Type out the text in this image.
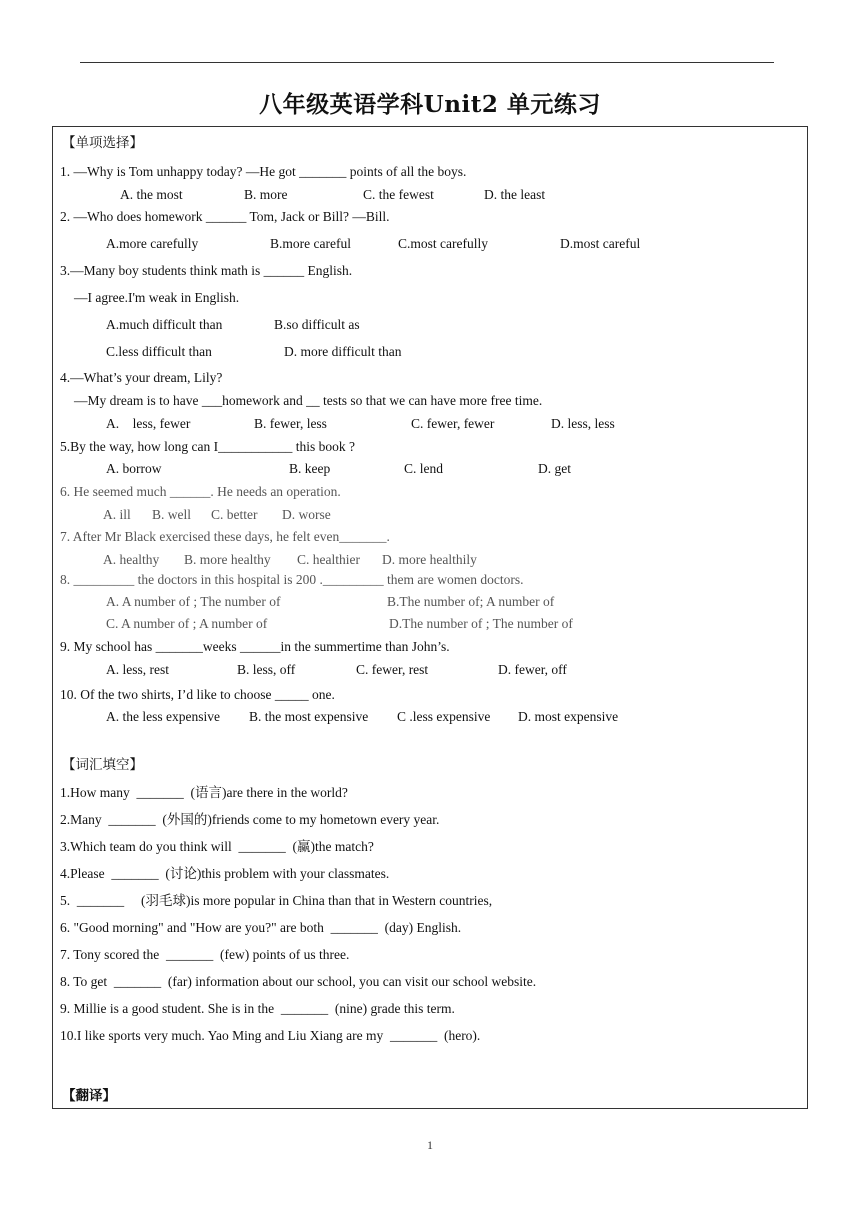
八年级英语学科Unit2 单元练习
【单项选择】
1. —Why is Tom unhappy today? —He got _______ points of all the boys.
A. the most	B. more	C. the fewest	D. the least
2. —Who does homework ______ Tom, Jack or Bill? —Bill.
A.more carefully	B.more careful	C.most carefully	D.most careful
3.—Many boy students think math is ______ English.
—I agree.I'm weak in English.
A.much difficult than	B.so difficult as
C.less difficult than	D. more difficult than
4.—What’s your dream, Lily?
—My dream is to have ___homework and __ tests so that we can have more free time.
A.    less, fewer	B. fewer, less	C. fewer, fewer	D. less, less
5.By the way, how long can I___________ this book ?
A. borrow	B. keep	C. lend	D. get
6. He seemed much ______. He needs an operation.
A. ill B. well C. better D. worse
7. After Mr Black exercised these days, he felt even_______.
A. healthy B. more healthy C. healthier D. more healthily
8. _________ the doctors in this hospital is 200 ._________ them are women doctors.
A. A number of ; The number of	B.The number of; A number of
C. A number of ; A number of	D.The number of ; The number of
9. My school has _______weeks ______in the summertime than John’s.
A. less, rest	B. less, off	C. fewer, rest	D. fewer, off
10. Of the two shirts, I’d like to choose _____ one.
A. the less expensive B. the most expensive C .less expensive D. most expensive
【词汇填空】
1.How many  _______  (语言)are there in the world?
2.Many  _______  (外国的)friends come to my hometown every year.
3.Which team do you think will  _______  (赢)the match?
4.Please  _______  (讨论)this problem with your classmates.
5.  _______     (羽毛球)is more popular in China than that in Western countries,
6. "Good morning" and "How are you?" are both  _______  (day) English.
7. Tony scored the  _______  (few) points of us three.
8. To get  _______  (far) information about our school, you can visit our school website.
9. Millie is a good student. She is in the  _______  (nine) grade this term.
10.I like sports very much. Yao Ming and Liu Xiang are my  _______  (hero).
【翻译】
1
